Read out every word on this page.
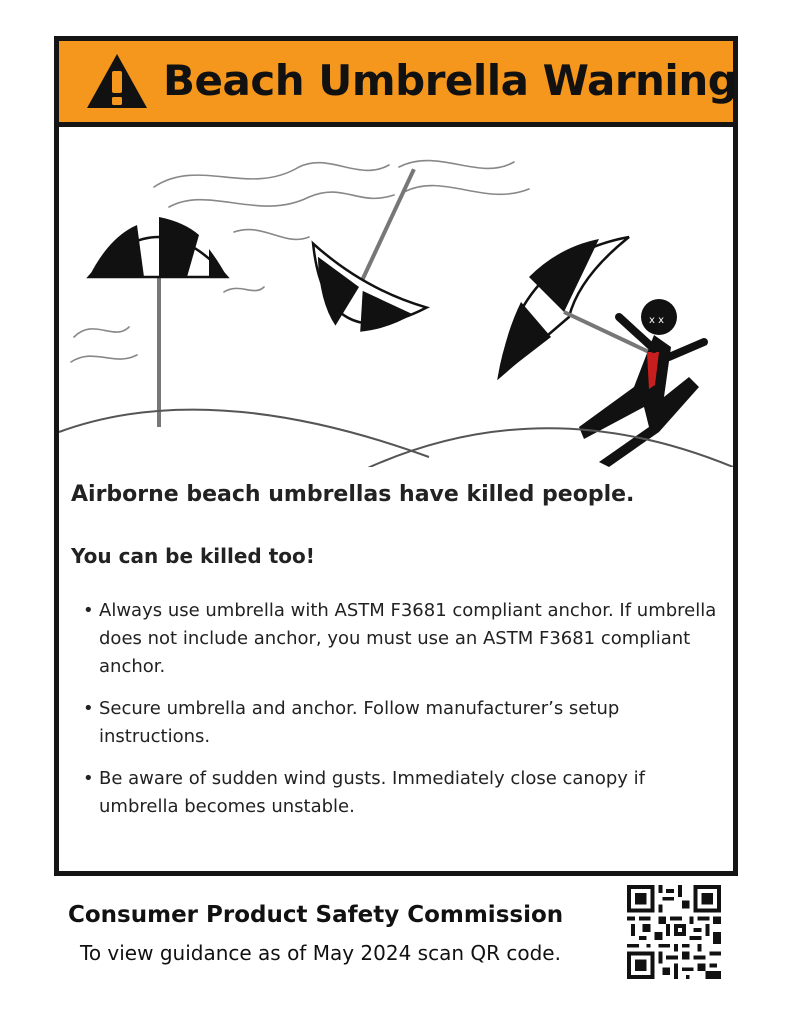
Beach Umbrella Warning
x x
Airborne beach umbrellas have killed people.
You can be killed too!
• Always use umbrella with ASTM F3681 compliant anchor. If umbrella does not include anchor, you must use an ASTM F3681 compliant anchor.
• Secure umbrella and anchor. Follow manufacturer’s setup instructions.
• Be aware of sudden wind gusts. Immediately close canopy if umbrella becomes unstable.
Consumer Product Safety Commission
To view guidance as of May 2024 scan QR code.
